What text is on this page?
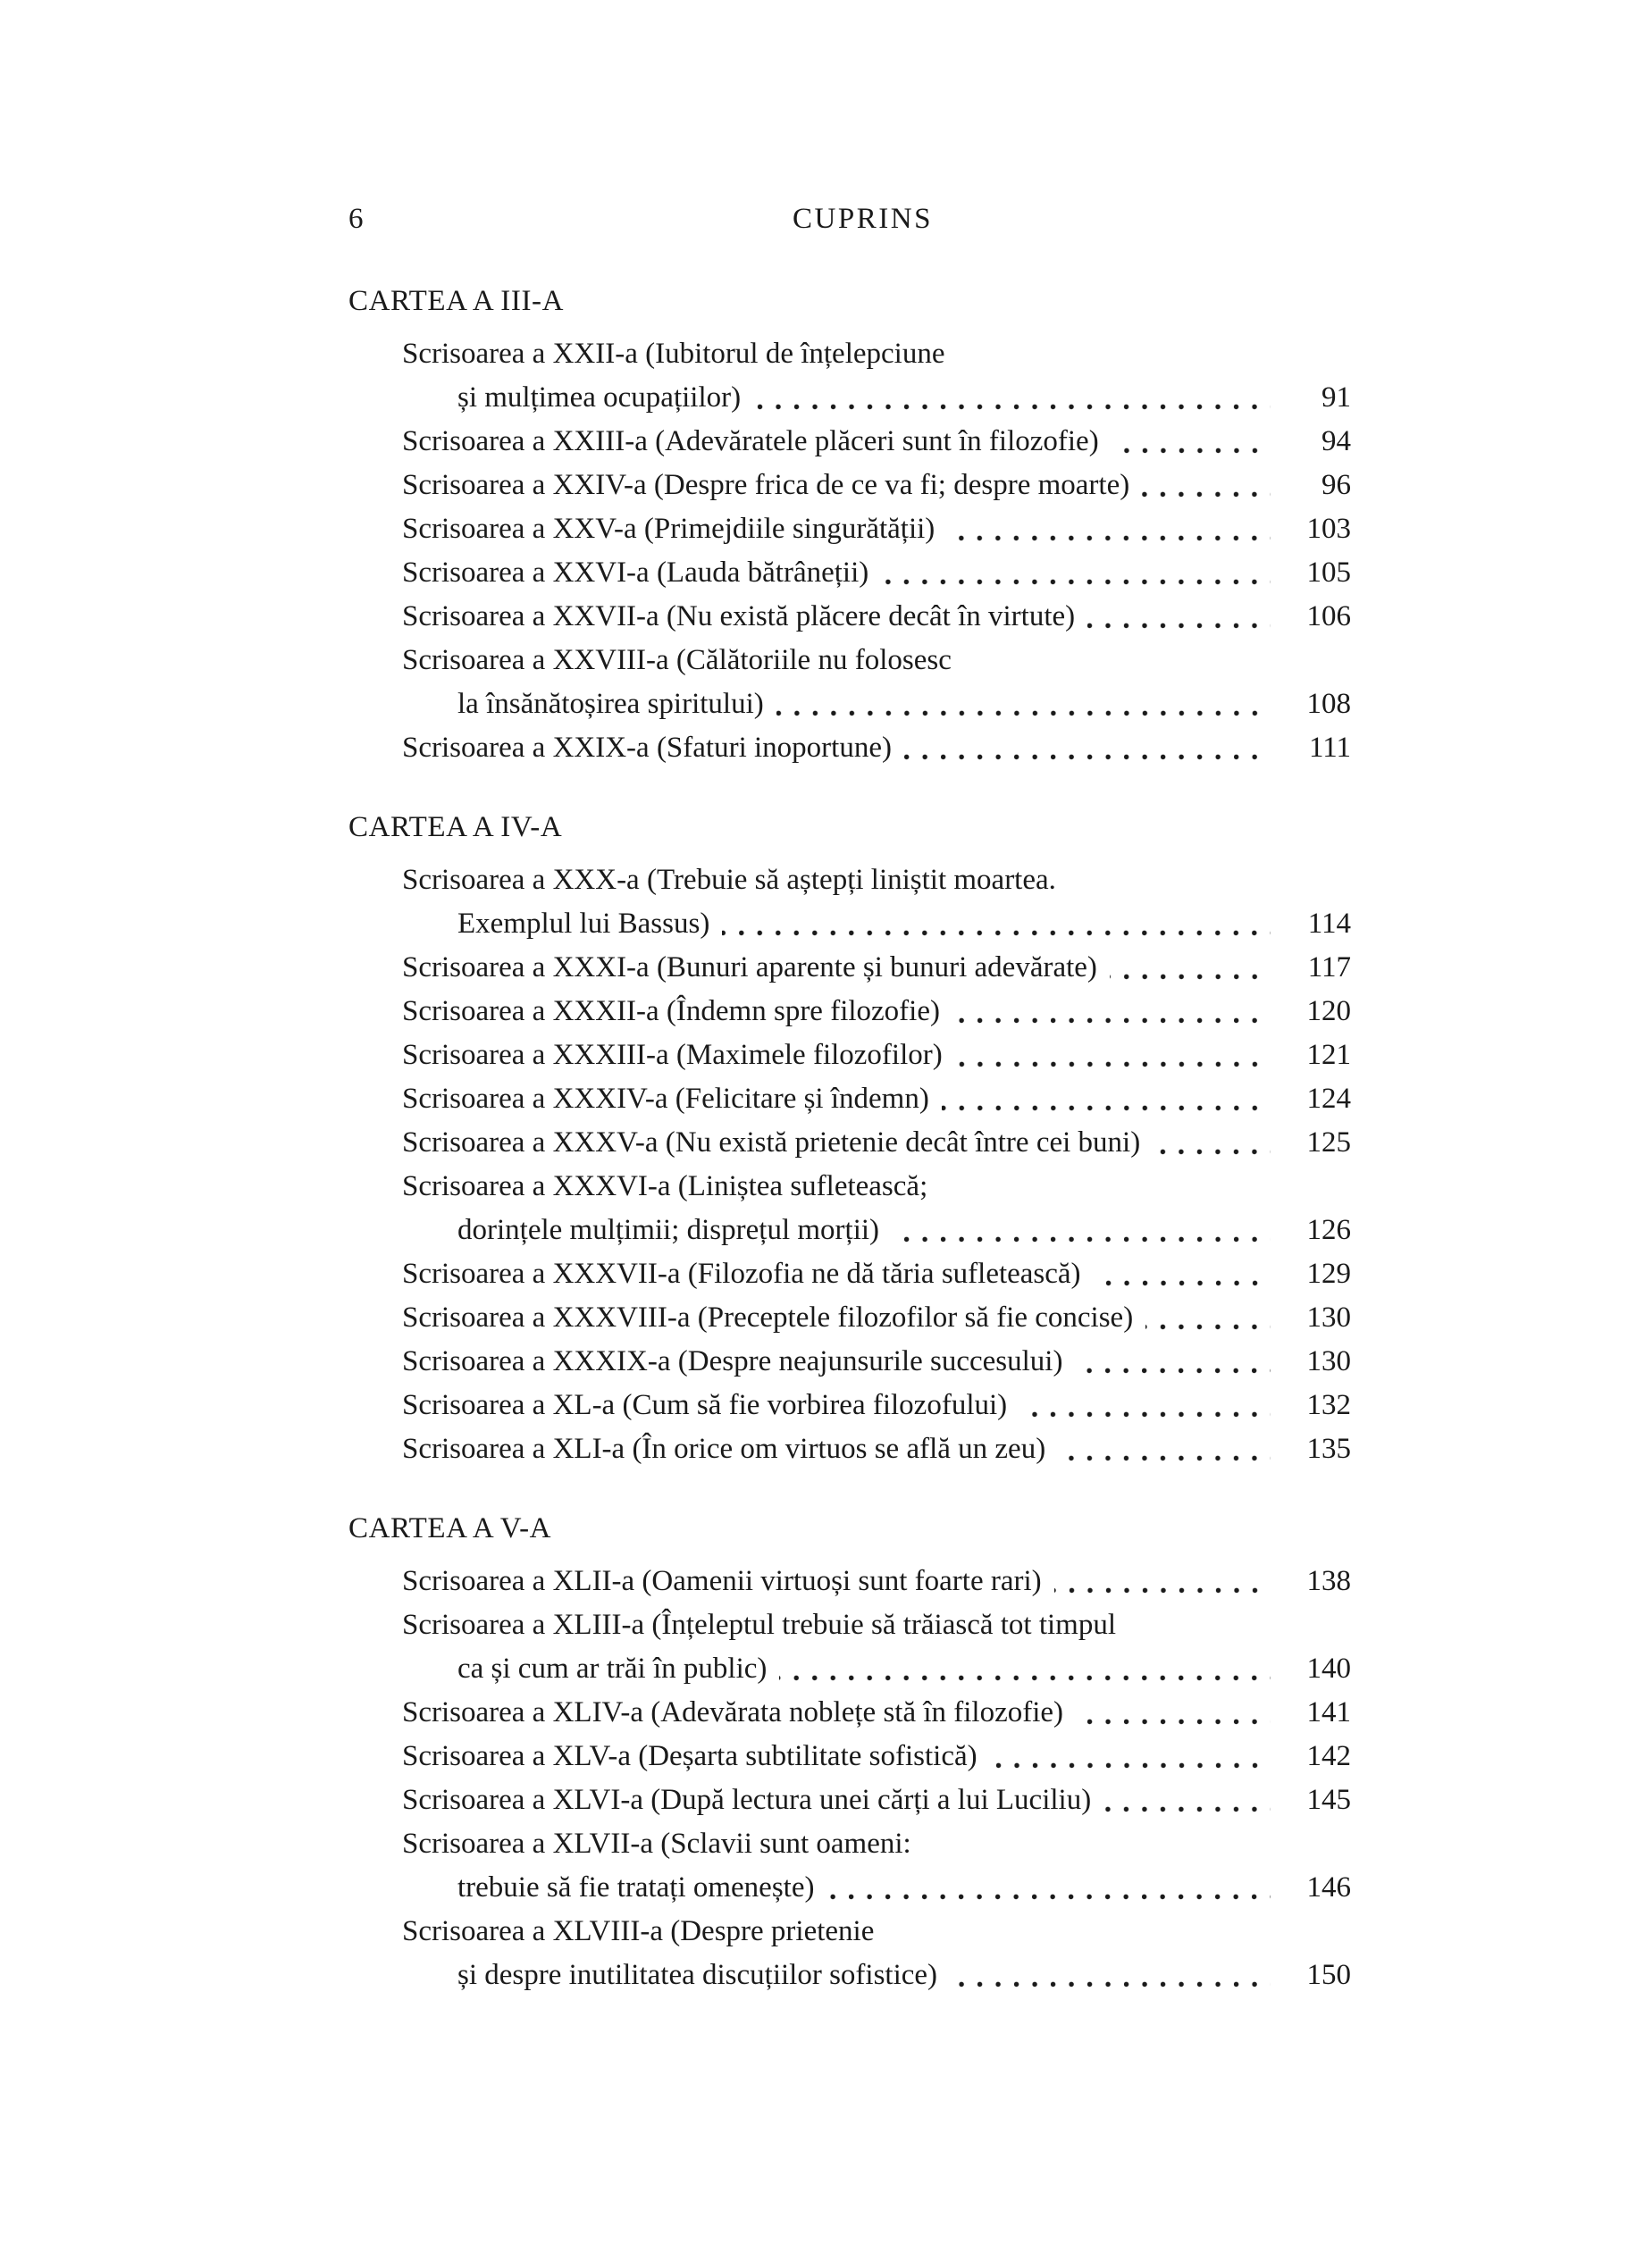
6	CUPRINS
CARTEA A III-A
Scrisoarea a XXII-a (Iubitorul de înțelepciune
și mulțimea ocupațiilor)	91
Scrisoarea a XXIII-a (Adevăratele plăceri sunt în filozofie)	94
Scrisoarea a XXIV-a (Despre frica de ce va fi; despre moarte)	96
Scrisoarea a XXV-a (Primejdiile singurătății)	103
Scrisoarea a XXVI-a (Lauda bătrâneții)	105
Scrisoarea a XXVII-a (Nu există plăcere decât în virtute)	106
Scrisoarea a XXVIII-a (Călătoriile nu folosesc
la însănătoșirea spiritului)	108
Scrisoarea a XXIX-a (Sfaturi inoportune)	111
CARTEA A IV-A
Scrisoarea a XXX-a (Trebuie să aștepți liniștit moartea.
Exemplul lui Bassus)	114
Scrisoarea a XXXI-a (Bunuri aparente și bunuri adevărate)	117
Scrisoarea a XXXII-a (Îndemn spre filozofie)	120
Scrisoarea a XXXIII-a (Maximele filozofilor)	121
Scrisoarea a XXXIV-a (Felicitare și îndemn)	124
Scrisoarea a XXXV-a (Nu există prietenie decât între cei buni)	125
Scrisoarea a XXXVI-a (Liniștea sufletească;
dorințele mulțimii; disprețul morții)	126
Scrisoarea a XXXVII-a (Filozofia ne dă tăria sufletească)	129
Scrisoarea a XXXVIII-a (Preceptele filozofilor să fie concise)	130
Scrisoarea a XXXIX-a (Despre neajunsurile succesului)	130
Scrisoarea a XL-a (Cum să fie vorbirea filozofului)	132
Scrisoarea a XLI-a (În orice om virtuos se află un zeu)	135
CARTEA A V-A
Scrisoarea a XLII-a (Oamenii virtuoși sunt foarte rari)	138
Scrisoarea a XLIII-a (Înțeleptul trebuie să trăiască tot timpul
ca și cum ar trăi în public)	140
Scrisoarea a XLIV-a (Adevărata noblețe stă în filozofie)	141
Scrisoarea a XLV-a (Deșarta subtilitate sofistică)	142
Scrisoarea a XLVI-a (După lectura unei cărți a lui Luciliu)	145
Scrisoarea a XLVII-a (Sclavii sunt oameni:
trebuie să fie tratați omenește)	146
Scrisoarea a XLVIII-a (Despre prietenie
și despre inutilitatea discuțiilor sofistice)	150
